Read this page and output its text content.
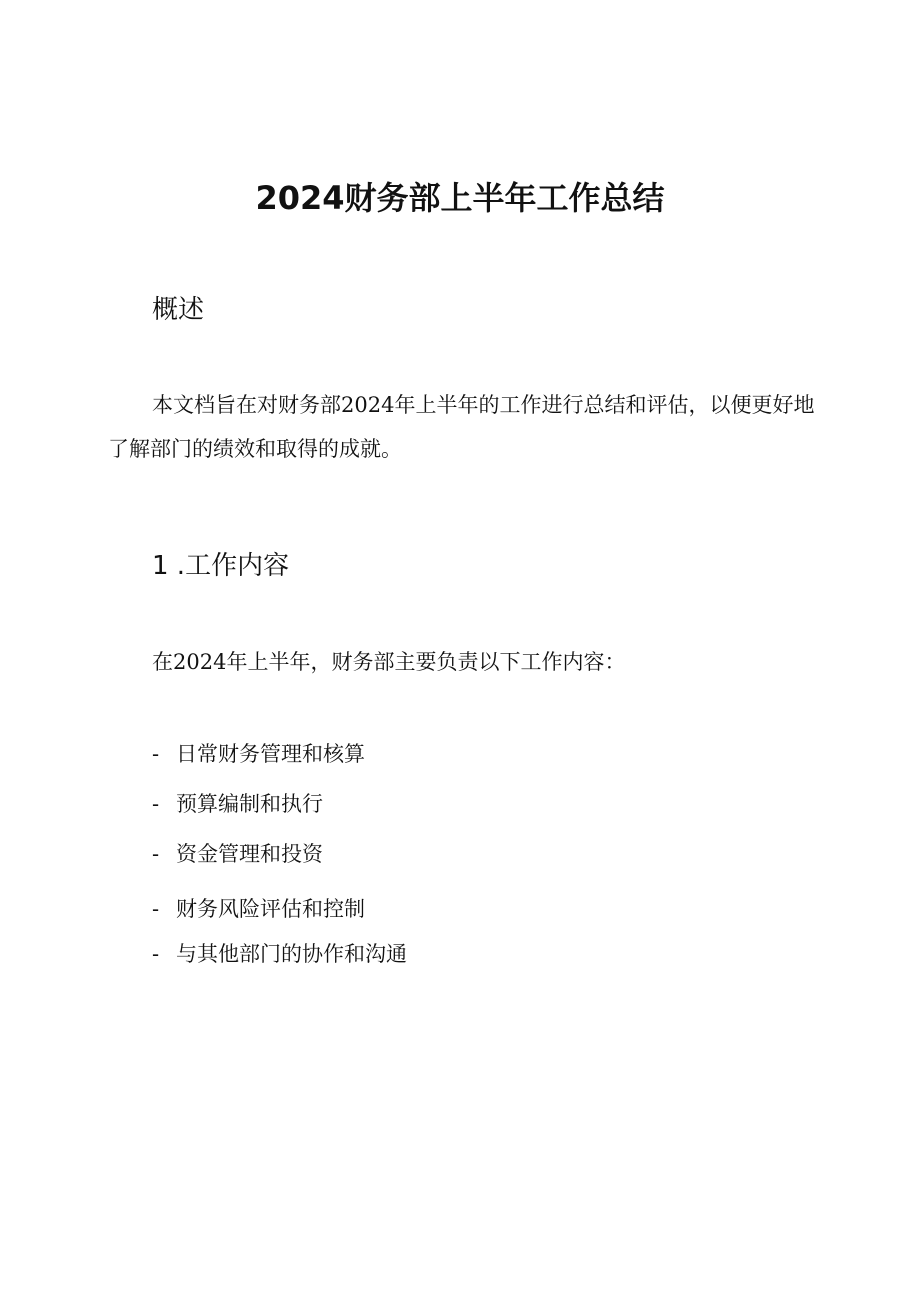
2024财务部上半年工作总结
概述

本文档旨在对财务部2024年上半年的工作进行总结和评估，以便更好地了解部门的绩效和取得的成就。

1 .工作内容

在2024年上半年，财务部主要负责以下工作内容：

- 日常财务管理和核算
- 预算编制和执行
- 资金管理和投资
- 财务风险评估和控制
- 与其他部门的协作和沟通
